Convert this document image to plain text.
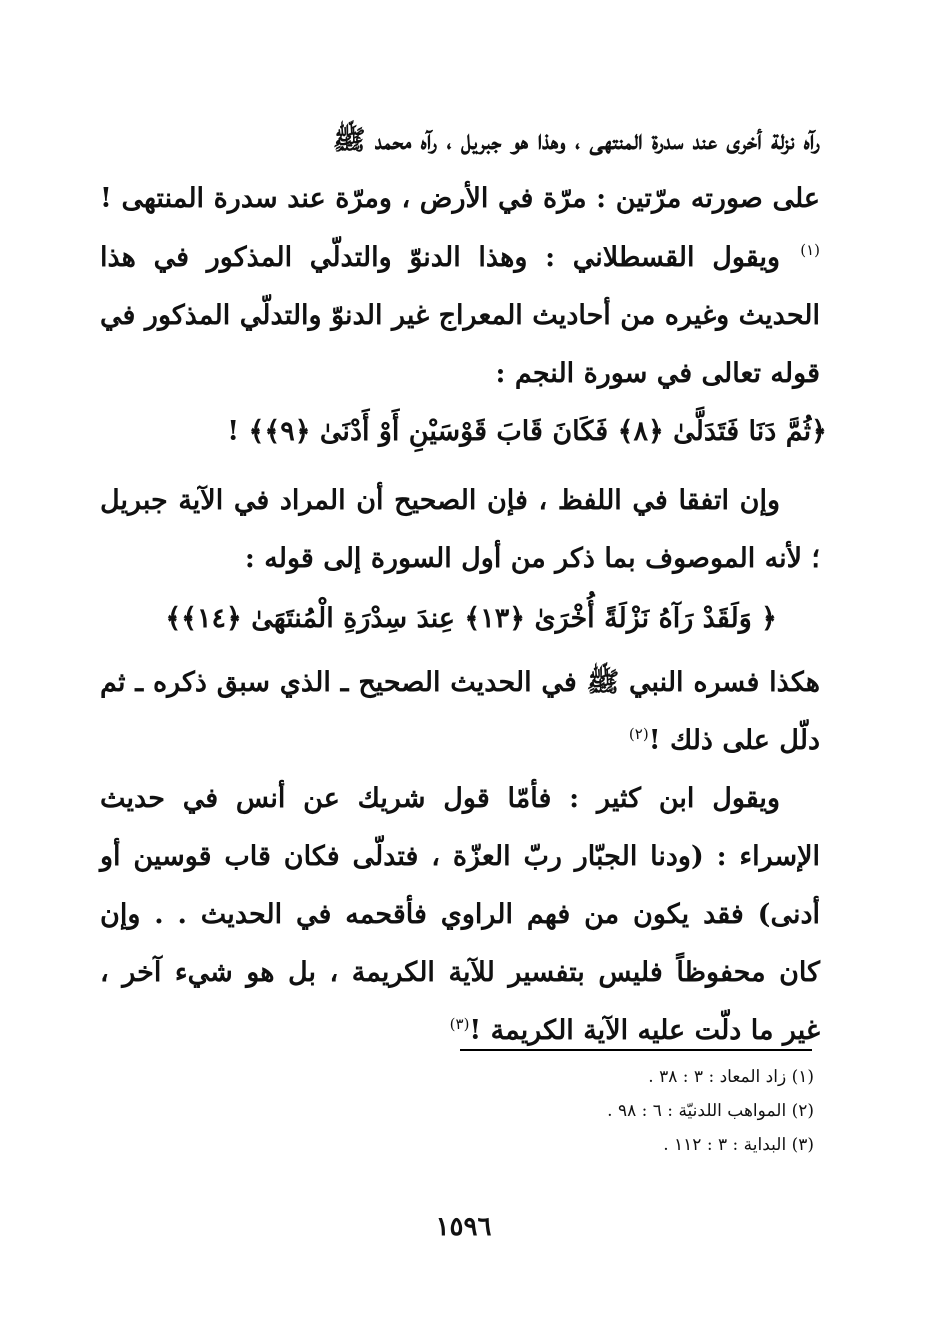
رآه نزلة أخرى عند سدرة المنتهى ، وهذا هو جبريل ، رآه محمد ﷺ
على صورته مرّتين : مرّة في الأرض ، ومرّة عند سدرة المنتهى !$^{(١)}$

ويقول القسطلاني : وهذا الدنوّ والتدلّي المذكور في هذا الحديث وغيره من أحاديث المعراج غير الدنوّ والتدلّي المذكور في قوله تعالى في سورة النجم :

﴿ثُمَّ دَنَا فَتَدَلَّىٰ ﴿٨﴾ فَكَانَ قَابَ قَوْسَيْنِ أَوْ أَدْنَىٰ ﴿٩﴾﴾ !

وإن اتفقا في اللفظ ، فإن الصحيح أن المراد في الآية جبريل ؛ لأنه الموصوف بما ذكر من أول السورة إلى قوله :

﴿ وَلَقَدْ رَآهُ نَزْلَةً أُخْرَىٰ ﴿١٣﴾ عِندَ سِدْرَةِ الْمُنتَهَىٰ ﴿١٤﴾﴾

هكذا فسره النبي ﷺ في الحديث الصحيح ـ الذي سبق ذكره ـ ثم دلّل على ذلك !$^{(٢)}$

ويقول ابن كثير : فأمّا قول شريك عن أنس في حديث الإسراء : (ودنا الجبّار ربّ العزّة ، فتدلّى فكان قاب قوسين أو أدنى) فقد يكون من فهم الراوي فأقحمه في الحديث . . وإن كان محفوظاً فليس بتفسير للآية الكريمة ، بل هو شيء آخر ، غير ما دلّت عليه الآية الكريمة !$^{(٣)}$

(١) زاد المعاد : ٣ : ٣٨ .
(٢) المواهب اللدنيّة : ٦ : ٩٨ .
(٣) البداية : ٣ : ١١٢ .
١٥٩٦
